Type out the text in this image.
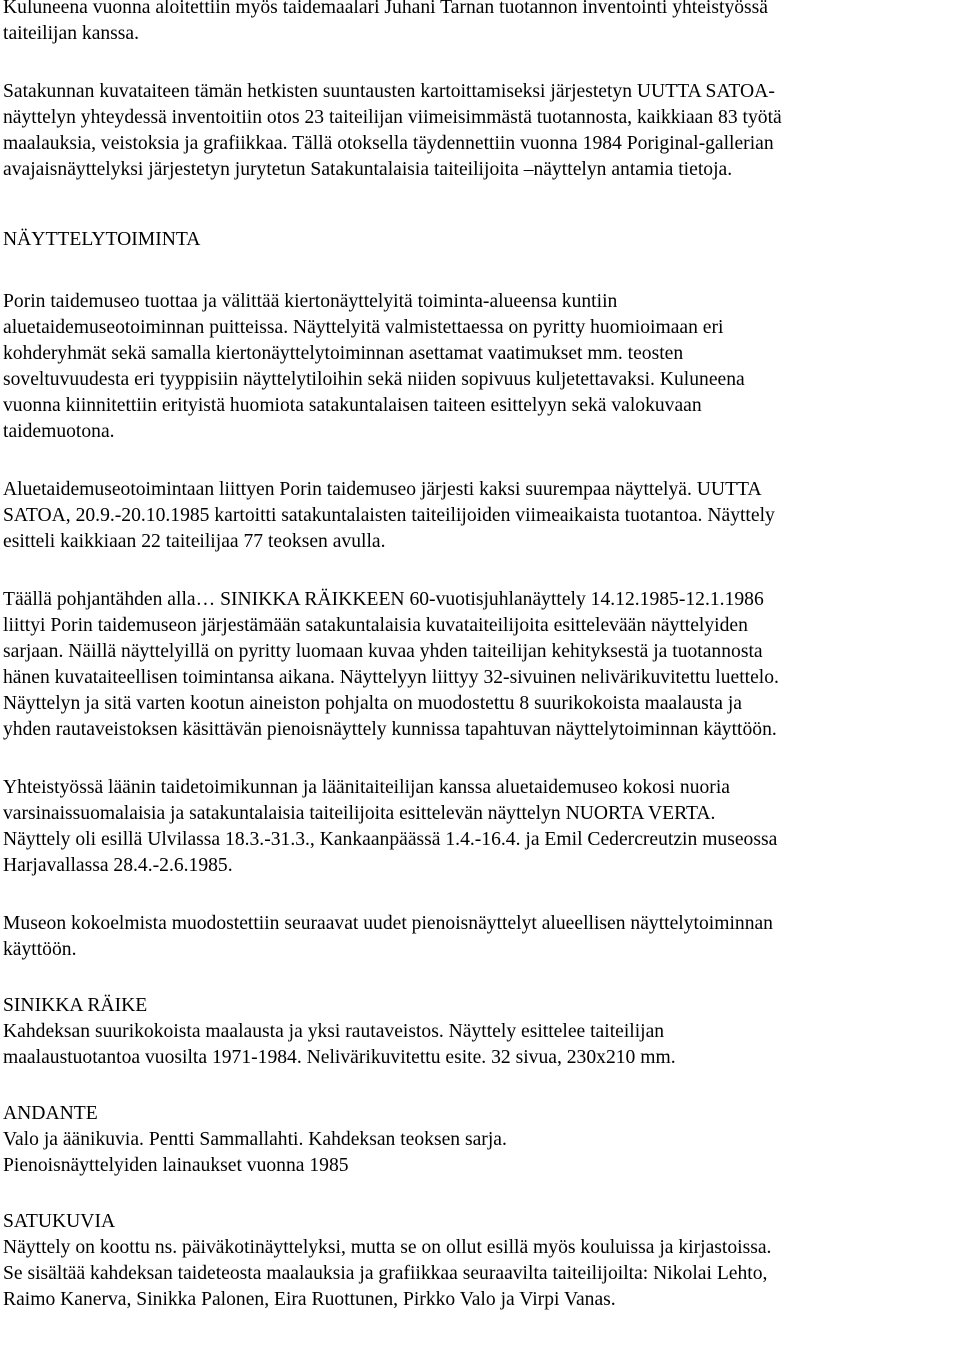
Kuluneena vuonna aloitettiin myös taidemaalari Juhani Tarnan tuotannon inventointi yhteistyössä
taiteilijan kanssa.

Satakunnan kuvataiteen tämän hetkisten suuntausten kartoittamiseksi järjestetyn UUTTA SATOA-
näyttelyn yhteydessä inventoitiin otos 23 taiteilijan viimeisimmästä tuotannosta, kaikkiaan 83 työtä
maalauksia, veistoksia ja grafiikkaa. Tällä otoksella täydennettiin vuonna 1984 Poriginal-gallerian
avajaisnäyttelyksi järjestetyn jurytetun Satakuntalaisia taiteilijoita –näyttelyn antamia tietoja.

NÄYTTELYTOIMINTA

Porin taidemuseo tuottaa ja välittää kiertonäyttelyitä toiminta-alueensa kuntiin
aluetaidemuseotoiminnan puitteissa. Näyttelyitä valmistettaessa on pyritty huomioimaan eri
kohderyhmät sekä samalla kiertonäyttelytoiminnan asettamat vaatimukset mm. teosten
soveltuvuudesta eri tyyppisiin näyttelytiloihin sekä niiden sopivuus kuljetettavaksi. Kuluneena
vuonna kiinnitettiin erityistä huomiota satakuntalaisen taiteen esittelyyn sekä valokuvaan
taidemuotona.

Aluetaidemuseotoimintaan liittyen Porin taidemuseo järjesti kaksi suurempaa näyttelyä. UUTTA
SATOA, 20.9.-20.10.1985 kartoitti satakuntalaisten taiteilijoiden viimeaikaista tuotantoa. Näyttely
esitteli kaikkiaan 22 taiteilijaa 77 teoksen avulla.

Täällä pohjantähden alla… SINIKKA RÄIKKEEN 60-vuotisjuhlanäyttely 14.12.1985-12.1.1986
liittyi Porin taidemuseon järjestämään satakuntalaisia kuvataiteilijoita esittelevään näyttelyiden
sarjaan. Näillä näyttelyillä on pyritty luomaan kuvaa yhden taiteilijan kehityksestä ja tuotannosta
hänen kuvataiteellisen toimintansa aikana. Näyttelyyn liittyy 32-sivuinen nelivärikuvitettu luettelo.
Näyttelyn ja sitä varten kootun aineiston pohjalta on muodostettu 8 suurikokoista maalausta ja
yhden rautaveistoksen käsittävän pienoisnäyttely kunnissa tapahtuvan näyttelytoiminnan käyttöön.

Yhteistyössä läänin taidetoimikunnan ja läänitaiteilijan kanssa aluetaidemuseo kokosi nuoria
varsinaissuomalaisia ja satakuntalaisia taiteilijoita esittelevän näyttelyn NUORTA VERTA.
Näyttely oli esillä Ulvilassa 18.3.-31.3., Kankaanpäässä 1.4.-16.4. ja Emil Cedercreutzin museossa
Harjavallassa 28.4.-2.6.1985.

Museon kokoelmista muodostettiin seuraavat uudet pienoisnäyttelyt alueellisen näyttelytoiminnan
käyttöön.

SINIKKA RÄIKE

Kahdeksan suurikokoista maalausta ja yksi rautaveistos. Näyttely esittelee taiteilijan
maalaustuotantoa vuosilta 1971-1984. Nelivärikuvitettu esite. 32 sivua, 230x210 mm.

ANDANTE

Valo ja äänikuvia. Pentti Sammallahti. Kahdeksan teoksen sarja.
Pienoisnäyttelyiden lainaukset vuonna 1985

SATUKUVIA

Näyttely on koottu ns. päiväkotinäyttelyksi, mutta se on ollut esillä myös kouluissa ja kirjastoissa.
Se sisältää kahdeksan taideteosta maalauksia ja grafiikkaa seuraavilta taiteilijoilta: Nikolai Lehto,
Raimo Kanerva, Sinikka Palonen, Eira Ruottunen, Pirkko Valo ja Virpi Vanas.
